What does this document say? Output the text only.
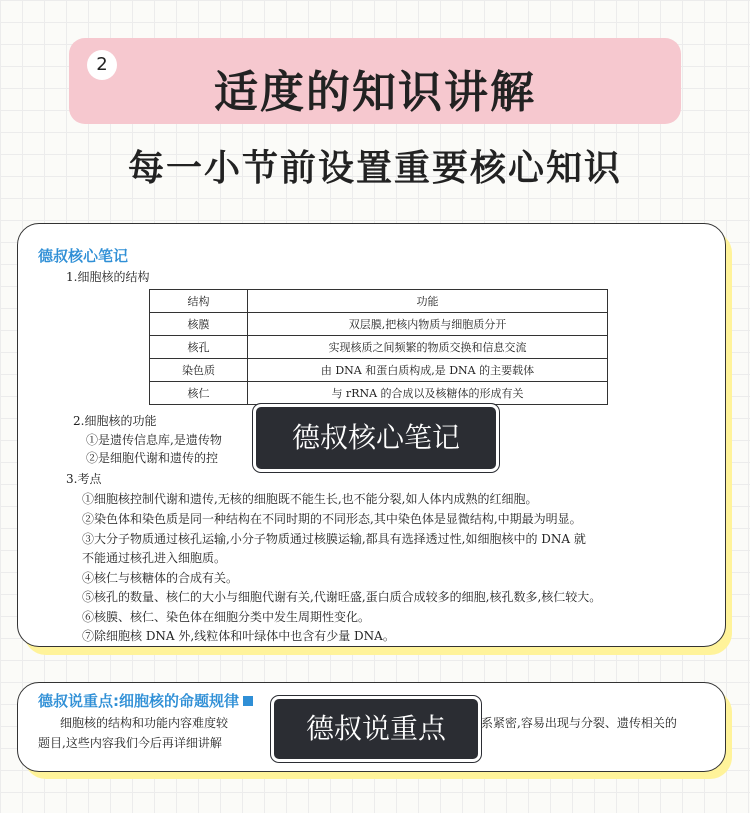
2
适度的知识讲解
每一小节前设置重要核心知识
德叔核心笔记
1.细胞核的结构
结构	功能
核膜	双层膜,把核内物质与细胞质分开
核孔	实现核质之间频繁的物质交换和信息交流
染色质	由 DNA 和蛋白质构成,是 DNA 的主要载体
核仁	与 rRNA 的合成以及核糖体的形成有关
2.细胞核的功能
①是遗传信息库,是遗传物
②是细胞代谢和遗传的控
3.考点
①细胞核控制代谢和遗传,无核的细胞既不能生长,也不能分裂,如人体内成熟的红细胞。
②染色体和染色质是同一种结构在不同时期的不同形态,其中染色体是显微结构,中期最为明显。
③大分子物质通过核孔运输,小分子物质通过核膜运输,都具有选择透过性,如细胞核中的 DNA 就
不能通过核孔进入细胞质。
④核仁与核糖体的合成有关。
⑤核孔的数量、核仁的大小与细胞代谢有关,代谢旺盛,蛋白质合成较多的细胞,核孔数多,核仁较大。
⑥核膜、核仁、染色体在细胞分类中发生周期性变化。
⑦除细胞核 DNA 外,线粒体和叶绿体中也含有少量 DNA。
德叔核心笔记
德叔说重点:细胞核的命题规律
细胞核的结构和功能内容难度较	系紧密,容易出现与分裂、遗传相关的
题目,这些内容我们今后再详细讲解	德叔说重点
